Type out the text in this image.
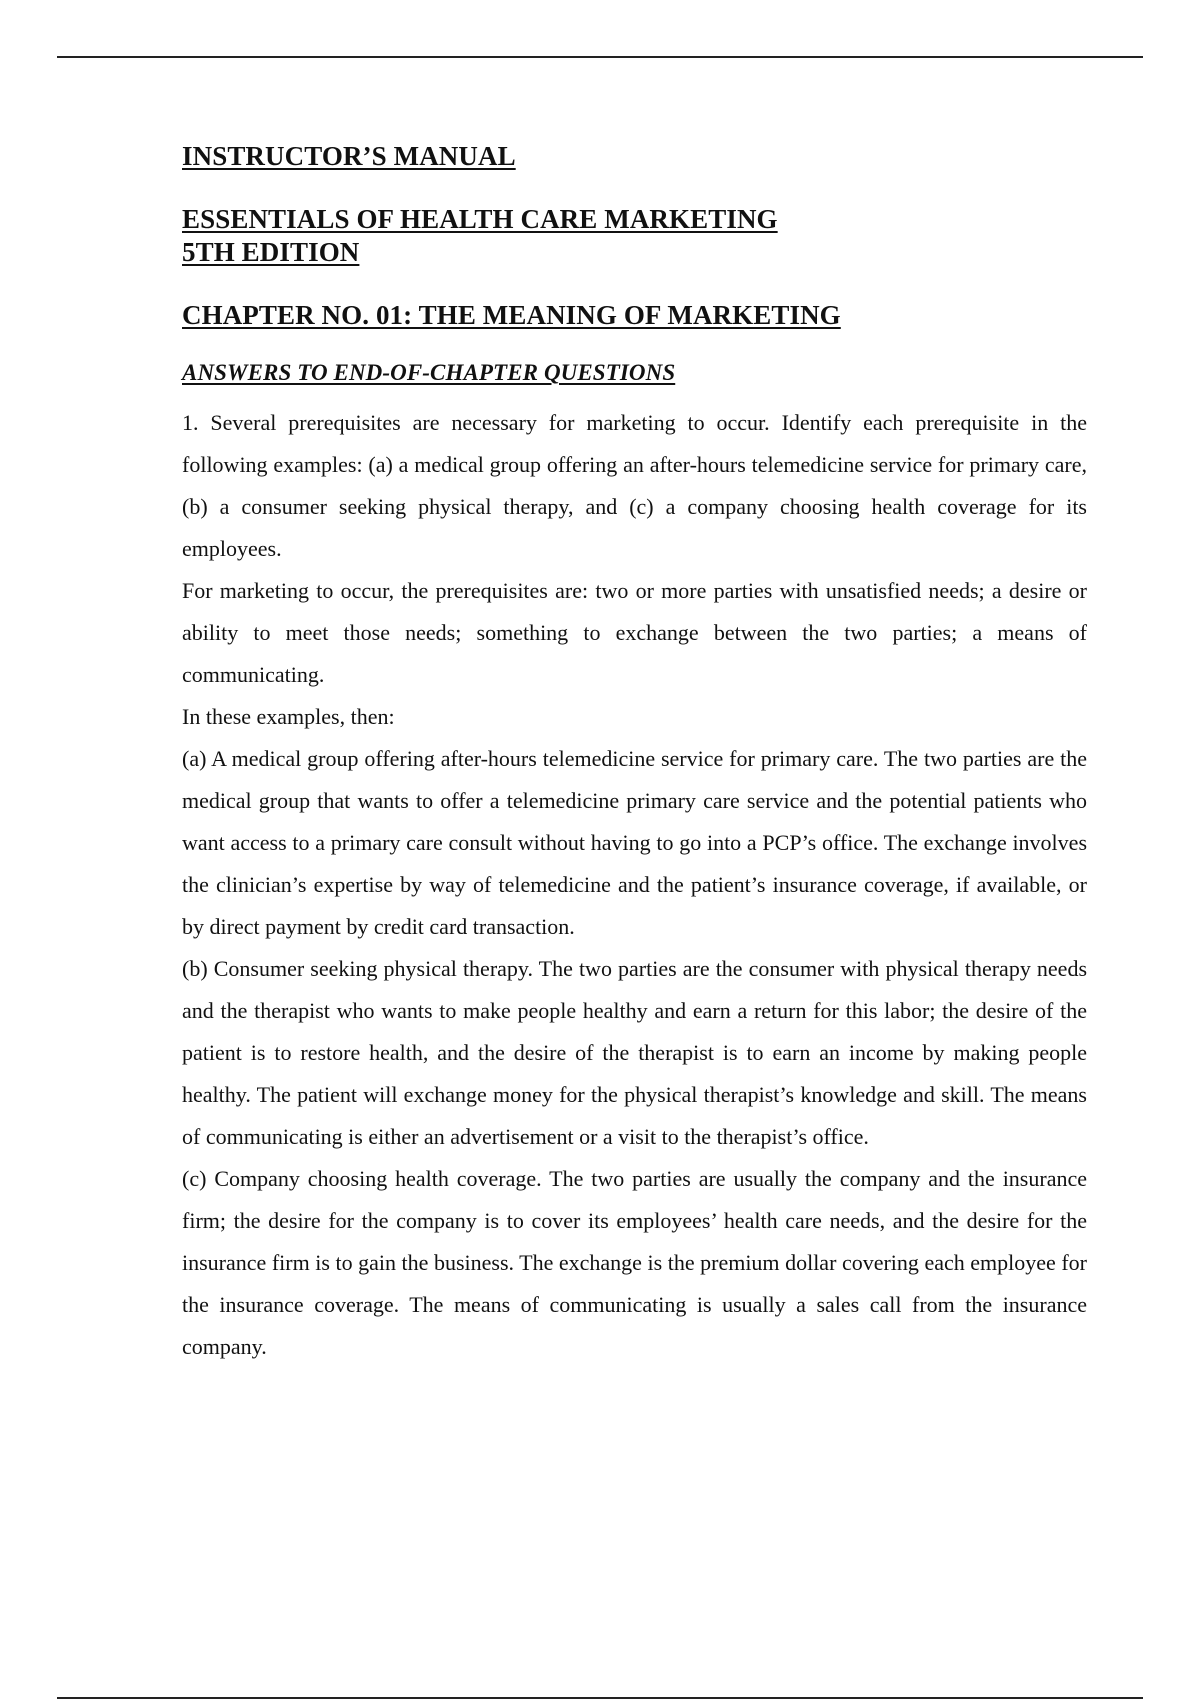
INSTRUCTOR’S MANUAL
ESSENTIALS OF HEALTH CARE MARKETING
5TH EDITION
CHAPTER NO. 01: THE MEANING OF MARKETING
ANSWERS TO END-OF-CHAPTER QUESTIONS

1. Several prerequisites are necessary for marketing to occur. Identify each prerequisite in the following examples: (a) a medical group offering an after-hours telemedicine service for primary care, (b) a consumer seeking physical therapy, and (c) a company choosing health coverage for its employees.

For marketing to occur, the prerequisites are: two or more parties with unsatisfied needs; a desire or ability to meet those needs; something to exchange between the two parties; a means of communicating.

In these examples, then:

(a) A medical group offering after-hours telemedicine service for primary care. The two parties are the medical group that wants to offer a telemedicine primary care service and the potential patients who want access to a primary care consult without having to go into a PCP’s office. The exchange involves the clinician’s expertise by way of telemedicine and the patient’s insurance coverage, if available, or by direct payment by credit card transaction.

(b) Consumer seeking physical therapy. The two parties are the consumer with physical therapy needs and the therapist who wants to make people healthy and earn a return for this labor; the desire of the patient is to restore health, and the desire of the therapist is to earn an income by making people healthy. The patient will exchange money for the physical therapist’s knowledge and skill. The means of communicating is either an advertisement or a visit to the therapist’s office.

(c) Company choosing health coverage. The two parties are usually the company and the insurance firm; the desire for the company is to cover its employees’ health care needs, and the desire for the insurance firm is to gain the business. The exchange is the premium dollar covering each employee for the insurance coverage. The means of communicating is usually a sales call from the insurance company.
